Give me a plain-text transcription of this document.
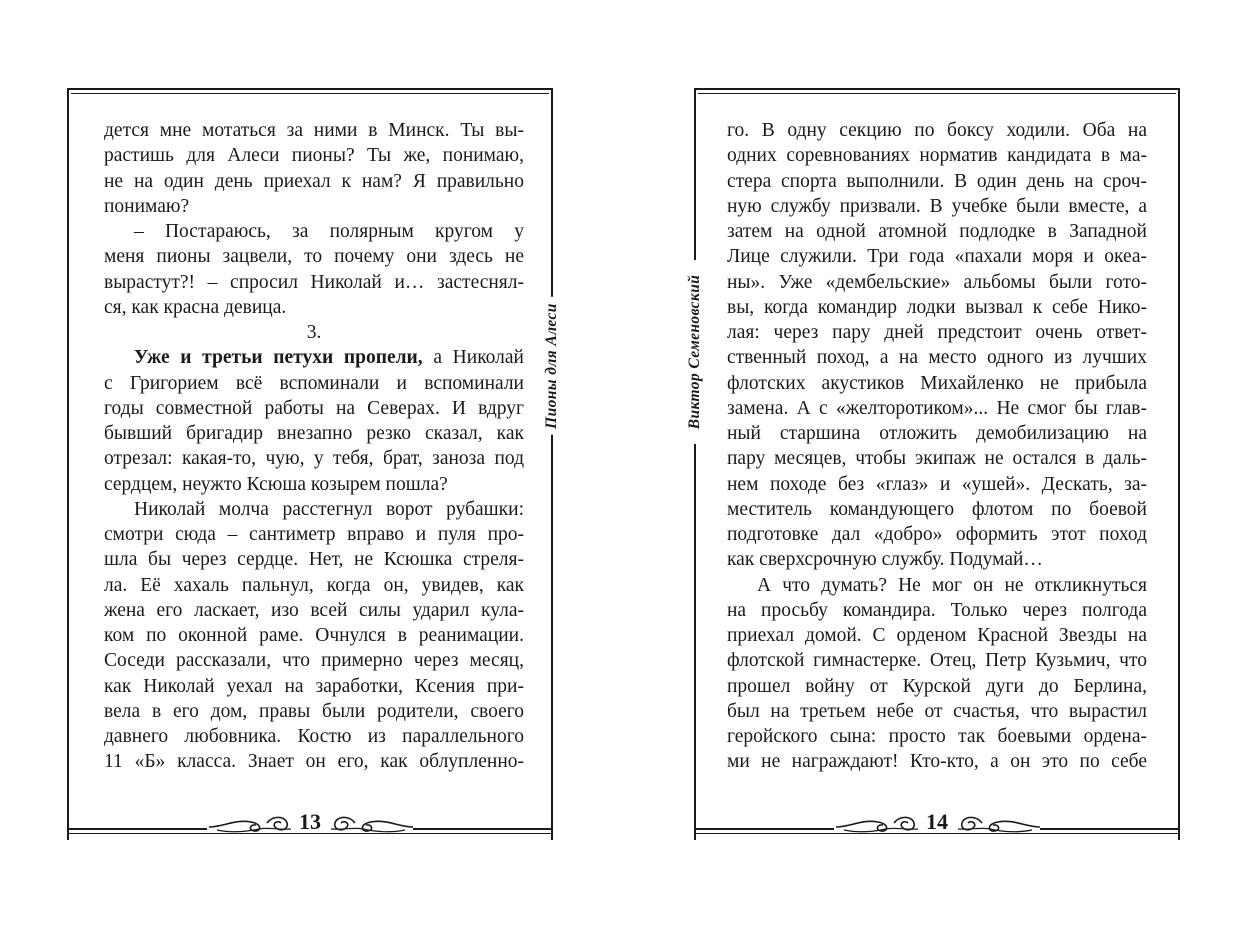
дется мне мотаться за ними в Минск. Ты вы-
растишь для Алеси пионы? Ты же, понимаю,
не на один день приехал к нам? Я правильно
понимаю?
– Постараюсь, за полярным кругом у
меня пионы зацвели, то почему они здесь не
вырастут?! – спросил Николай и… застеснял-
ся, как красна девица.
3.
Уже и третьи петухи пропели, а Николай
с Григорием всё вспоминали и вспоминали
годы совместной работы на Северах. И вдруг
бывший бригадир внезапно резко сказал, как
отрезал: какая-то, чую, у тебя, брат, заноза под
сердцем, неужто Ксюша козырем пошла?
Николай молча расстегнул ворот рубашки:
смотри сюда – сантиметр вправо и пуля про-
шла бы через сердце. Нет, не Ксюшка стреля-
ла. Её хахаль пальнул, когда он, увидев, как
жена его ласкает, изо всей силы ударил кула-
ком по оконной раме. Очнулся в реанимации.
Соседи рассказали, что примерно через месяц,
как Николай уехал на заработки, Ксения при-
вела в его дом, правы были родители, своего
давнего любовника. Костю из параллельного
11 «Б» класса. Знает он его, как облупленно-
Пионы для Алеси
13
го. В одну секцию по боксу ходили. Оба на
одних соревнованиях норматив кандидата в ма-
стера спорта выполнили. В один день на сроч-
ную службу призвали. В учебке были вместе, а
затем на одной атомной подлодке в Западной
Лице служили. Три года «пахали моря и океа-
ны». Уже «дембельские» альбомы были гото-
вы, когда командир лодки вызвал к себе Нико-
лая: через пару дней предстоит очень ответ-
ственный поход, а на место одного из лучших
флотских акустиков Михайленко не прибыла
замена. А с «желторотиком»... Не смог бы глав-
ный старшина отложить демобилизацию на
пару месяцев, чтобы экипаж не остался в даль-
нем походе без «глаз» и «ушей». Дескать, за-
меститель командующего флотом по боевой
подготовке дал «добро» оформить этот поход
как сверхсрочную службу. Подумай…
А что думать? Не мог он не откликнуться
на просьбу командира. Только через полгода
приехал домой. С орденом Красной Звезды на
флотской гимнастерке. Отец, Петр Кузьмич, что
прошел войну от Курской дуги до Берлина,
был на третьем небе от счастья, что вырастил
геройского сына: просто так боевыми ордена-
ми не награждают! Кто-кто, а он это по себе
Виктор Семеновский
14
